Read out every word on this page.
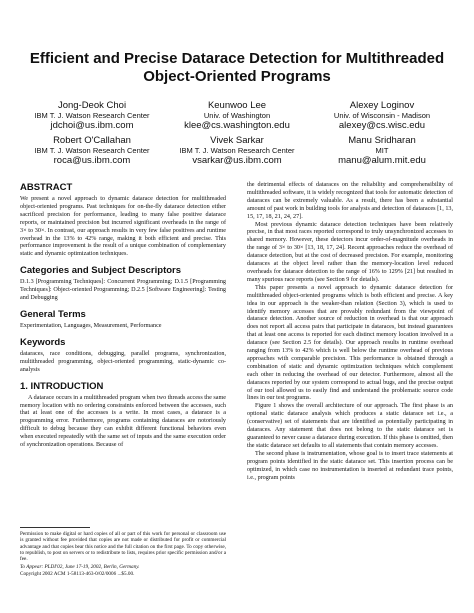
Efficient and Precise Datarace Detection for Multithreaded
Object-Oriented Programs
Jong-Deok Choi
IBM T. J. Watson Research Center
jdchoi@us.ibm.com
Keunwoo Lee
Univ. of Washington
klee@cs.washington.edu
Alexey Loginov
Univ. of Wisconsin - Madison
alexey@cs.wisc.edu
Robert O'Callahan
IBM T. J. Watson Research Center
roca@us.ibm.com
Vivek Sarkar
IBM T. J. Watson Research Center
vsarkar@us.ibm.com
Manu Sridharan
MIT
manu@alum.mit.edu
ABSTRACT

We present a novel approach to dynamic datarace detection for multithreaded object-oriented programs. Past techniques for on-the-fly datarace detection either sacrificed precision for performance, leading to many false positive datarace reports, or maintained precision but incurred significant overheads in the range of 3× to 30×. In contrast, our approach results in very few false positives and runtime overhead in the 13% to 42% range, making it both efficient and precise. This performance improvement is the result of a unique combination of complementary static and dynamic optimization techniques.

Categories and Subject Descriptors

D.1.3 [Programming Techniques]: Concurrent Programming; D.1.5 [Programming Techniques]: Object-oriented Programming; D.2.5 [Software Engineering]: Testing and Debugging

General Terms

Experimentation, Languages, Measurement, Performance

Keywords

dataraces, race conditions, debugging, parallel programs, synchronization, multithreaded programming, object-oriented programming, static-dynamic co-analysis

1. INTRODUCTION

A datarace occurs in a multithreaded program when two threads access the same memory location with no ordering constraints enforced between the accesses, such that at least one of the accesses is a write. In most cases, a datarace is a programming error. Furthermore, programs containing dataraces are notoriously difficult to debug because they can exhibit different functional behaviors even when executed repeatedly with the same set of inputs and the same execution order of synchronization operations. Because of

Permission to make digital or hard copies of all or part of this work for personal or classroom use is granted without fee provided that copies are not made or distributed for profit or commercial advantage and that copies bear this notice and the full citation on the first page. To copy otherwise, to republish, to post on servers or to redistribute to lists, requires prior specific permission and/or a fee.

To Appear: PLDI'02, June 17-19, 2002, Berlin, Germany.
Copyright 2002 ACM 1-58113-463-0/02/0006 ...$5.00.

the detrimental effects of dataraces on the reliability and comprehensibility of multithreaded software, it is widely recognized that tools for automatic detection of dataraces can be extremely valuable. As a result, there has been a substantial amount of past work in building tools for analysis and detection of dataraces [1, 13, 15, 17, 18, 21, 24, 27].

Most previous dynamic datarace detection techniques have been relatively precise, in that most races reported correspond to truly unsynchronized accesses to shared memory. However, these detectors incur order-of-magnitude overheads in the range of 3× to 30× [13, 18, 17, 24]. Recent approaches reduce the overhead of datarace detection, but at the cost of decreased precision. For example, monitoring dataraces at the object level rather than the memory-location level reduced overheads for datarace detection to the range of 16% to 129% [21] but resulted in many spurious race reports (see Section 9 for details).

This paper presents a novel approach to dynamic datarace detection for multithreaded object-oriented programs which is both efficient and precise. A key idea in our approach is the weaker-than relation (Section 3), which is used to identify memory accesses that are provably redundant from the viewpoint of datarace detection. Another source of reduction in overhead is that our approach does not report all access pairs that participate in dataraces, but instead guarantees that at least one access is reported for each distinct memory location involved in a datarace (see Section 2.5 for details). Our approach results in runtime overhead ranging from 13% to 42% which is well below the runtime overhead of previous approaches with comparable precision. This performance is obtained through a combination of static and dynamic optimization techniques which complement each other in reducing the overhead of our detector. Furthermore, almost all the dataraces reported by our system correspond to actual bugs, and the precise output of our tool allowed us to easily find and understand the problematic source code lines in our test programs.

Figure 1 shows the overall architecture of our approach. The first phase is an optional static datarace analysis which produces a static datarace set i.e., a (conservative) set of statements that are identified as potentially participating in dataraces. Any statement that does not belong to the static datarace set is guaranteed to never cause a datarace during execution. If this phase is omitted, then the static datarace set defaults to all statements that contain memory accesses.

The second phase is instrumentation, whose goal is to insert trace statements at program points identified in the static datarace set. This insertion process can be optimized, in which case no instrumentation is inserted at redundant trace points, i.e., program points
